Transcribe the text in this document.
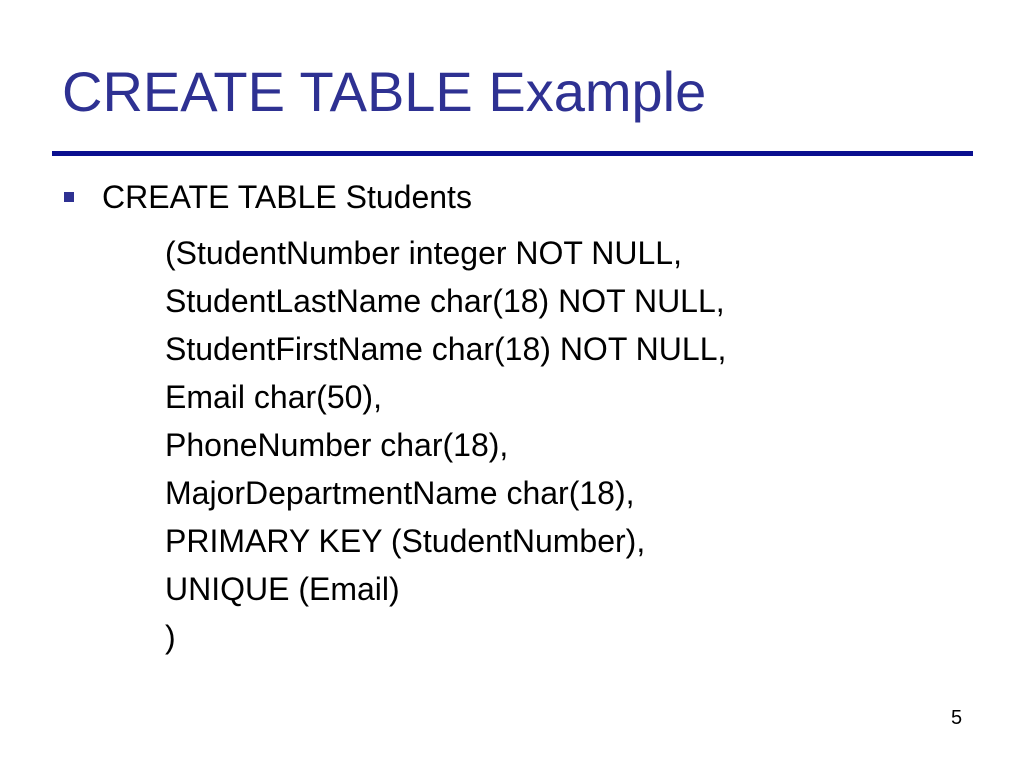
CREATE TABLE Example
CREATE TABLE Students
(StudentNumber integer NOT NULL,
StudentLastName char(18) NOT NULL,
StudentFirstName char(18) NOT NULL,
Email char(50),
PhoneNumber char(18),
MajorDepartmentName char(18),
PRIMARY KEY (StudentNumber),
UNIQUE (Email)
)
5
